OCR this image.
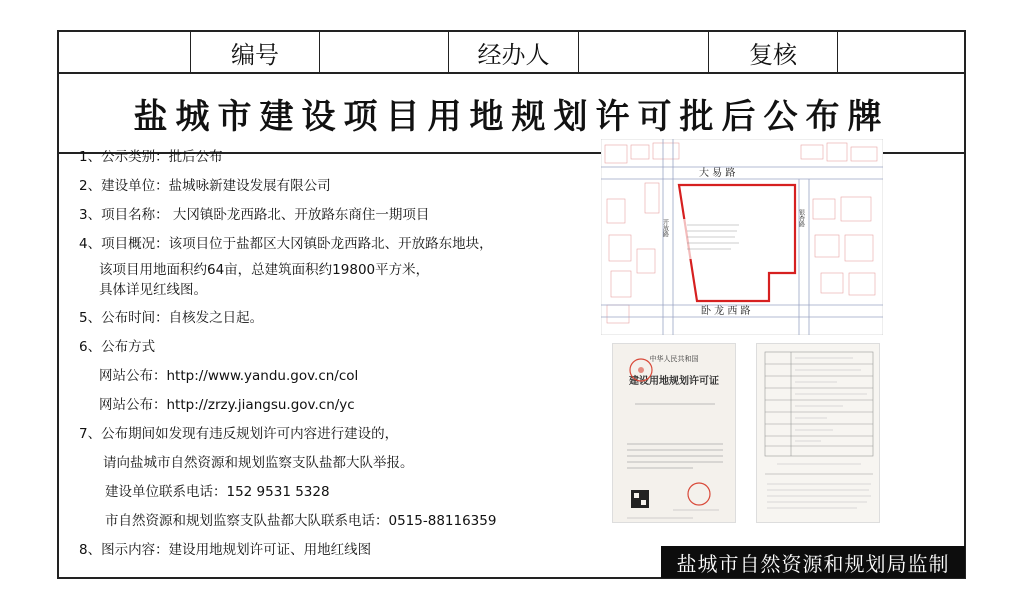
编号	经办人	复核
盐城市建设项目用地规划许可批后公布牌
1、公示类别：批后公布
2、建设单位：盐城咏新建设发展有限公司
3、项目名称： 大冈镇卧龙西路北、开放路东商住一期项目
4、项目概况：该项目位于盐都区大冈镇卧龙西路北、开放路东地块，
该项目用地面积约64亩，总建筑面积约19800平方米，
具体详见红线图。
5、公布时间：自核发之日起。
6、公布方式
网站公布：http://www.yandu.gov.cn/col
网站公布：http://zrzy.jiangsu.gov.cn/yc
7、公布期间如发现有违反规划许可内容进行建设的，
请向盐城市自然资源和规划监察支队盐都大队举报。
建设单位联系电话：152 9531 5328
市自然资源和规划监察支队盐都大队联系电话：0515-88116359
8、图示内容：建设用地规划许可证、用地红线图
大 易 路
卧 龙 西 路
开放路
银杏路
中华人民共和国
建设用地规划许可证
盐城市自然资源和规划局监制
